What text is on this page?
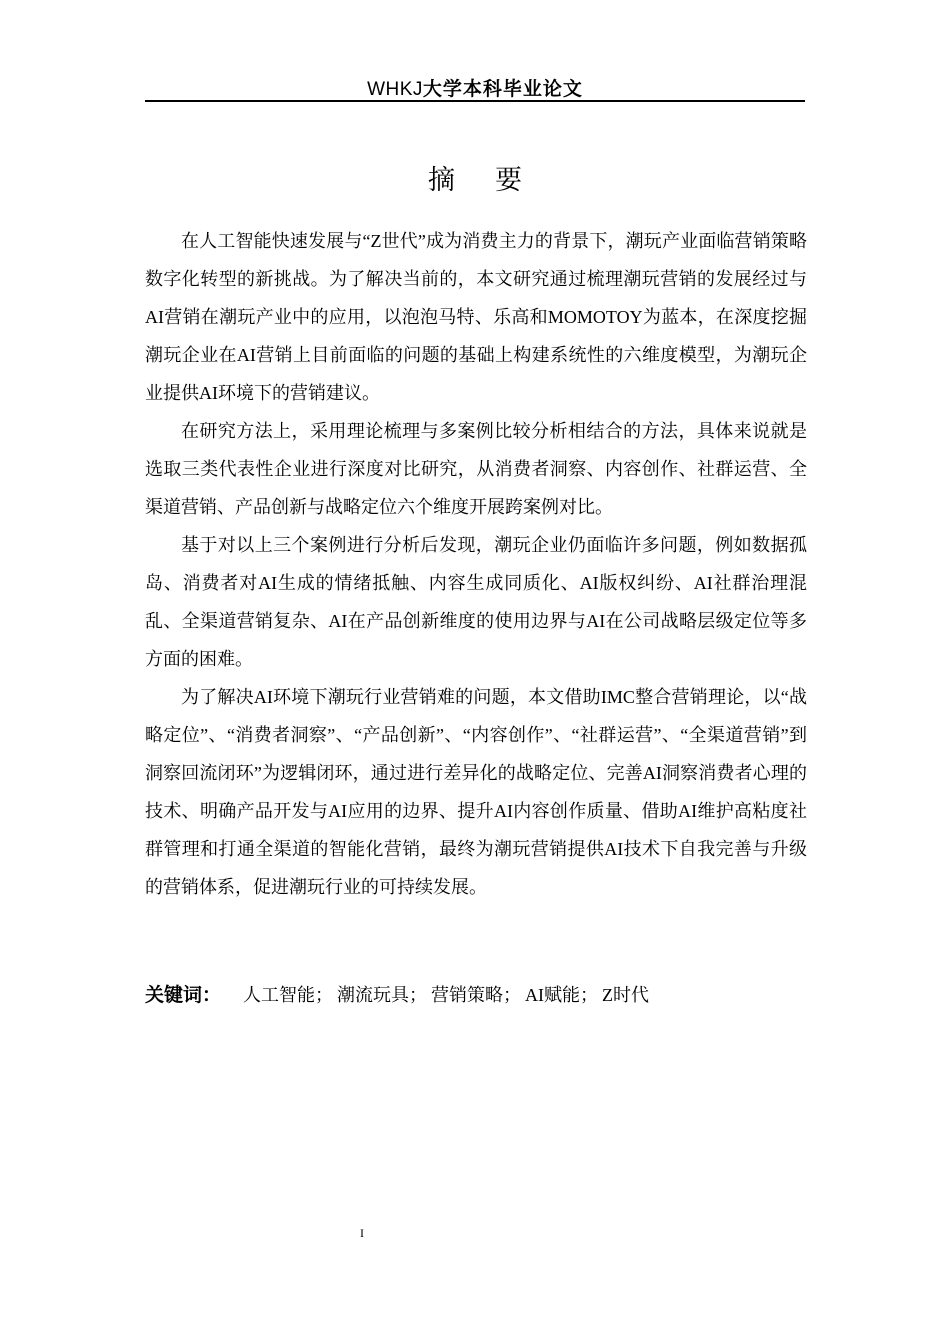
WHKJ大学本科毕业论文
摘要

在人工智能快速发展与“Z世代”成为消费主力的背景下，潮玩产业面临营销策略数字化转型的新挑战。为了解决当前的，本文研究通过梳理潮玩营销的发展经过与AI营销在潮玩产业中的应用，以泡泡马特、乐高和MOMOTOY为蓝本，在深度挖掘潮玩企业在AI营销上目前面临的问题的基础上构建系统性的六维度模型，为潮玩企业提供AI环境下的营销建议。

在研究方法上，采用理论梳理与多案例比较分析相结合的方法，具体来说就是选取三类代表性企业进行深度对比研究，从消费者洞察、内容创作、社群运营、全渠道营销、产品创新与战略定位六个维度开展跨案例对比。

基于对以上三个案例进行分析后发现，潮玩企业仍面临许多问题，例如数据孤岛、消费者对AI生成的情绪抵触、内容生成同质化、AI版权纠纷、AI社群治理混乱、全渠道营销复杂、AI在产品创新维度的使用边界与AI在公司战略层级定位等多方面的困难。

为了解决AI环境下潮玩行业营销难的问题，本文借助IMC整合营销理论，以“战略定位”、“消费者洞察”、“产品创新”、“内容创作”、“社群运营”、“全渠道营销”到洞察回流闭环”为逻辑闭环，通过进行差异化的战略定位、完善AI洞察消费者心理的技术、明确产品开发与AI应用的边界、提升AI内容创作质量、借助AI维护高粘度社群管理和打通全渠道的智能化营销，最终为潮玩营销提供AI技术下自我完善与升级的营销体系，促进潮玩行业的可持续发展。

关键词： 人工智能； 潮流玩具； 营销策略； AI赋能； Z时代
I
